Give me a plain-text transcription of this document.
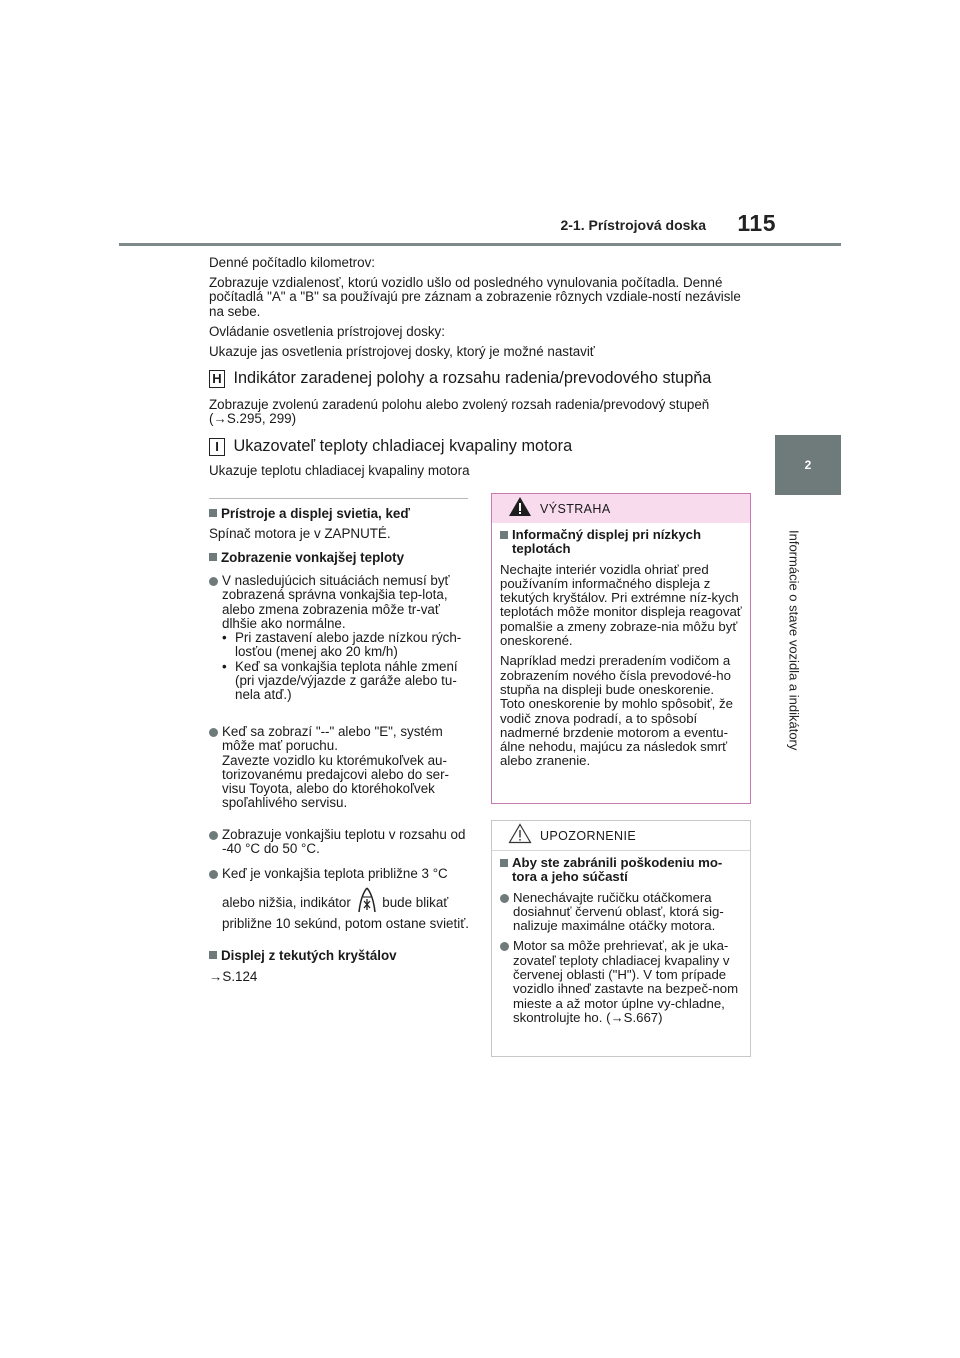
2-1. Prístrojová doska	115
2
Informácie o stave vozidla a indikátory
Denné počítadlo kilometrov:
Zobrazuje vzdialenosť, ktorú vozidlo ušlo od posledného vynulovania počítadla. Denné počítadlá "A" a "B" sa používajú pre záznam a zobrazenie rôznych vzdiale-ností nezávisle na sebe.
Ovládanie osvetlenia prístrojovej dosky:
Ukazuje jas osvetlenia prístrojovej dosky, ktorý je možné nastaviť
H Indikátor zaradenej polohy a rozsahu radenia/prevodového stupňa
Zobrazuje zvolenú zaradenú polohu alebo zvolený rozsah radenia/prevodový stupeň (→S.295, 299)
I Ukazovateľ teploty chladiacej kvapaliny motora
Ukazuje teplotu chladiacej kvapaliny motora
Prístroje a displej svietia, keď
Spínač motora je v ZAPNUTÉ.
Zobrazenie vonkajšej teploty
V nasledujúcich situáciách nemusí byť zobrazená správna vonkajšia tep-lota, alebo zmena zobrazenia môže tr-vať dlhšie ako normálne.
• Pri zastavení alebo jazde nízkou rých-losťou (menej ako 20 km/h)
• Keď sa vonkajšia teplota náhle zmení (pri vjazde/výjazde z garáže alebo tu-nela atď.)
Keď sa zobrazí "--" alebo "E", systém môže mať poruchu.
Zavezte vozidlo ku ktorémukoľvek au-torizovanému predajcovi alebo do ser-visu Toyota, alebo do ktoréhokoľvek spoľahlivého servisu.
Zobrazuje vonkajšiu teplotu v rozsahu od -40 °C do 50 °C.
Keď je vonkajšia teplota približne 3 °C
alebo nižšia, indikátor bude blikať
približne 10 sekúnd, potom ostane svietiť.
Displej z tekutých kryštálov
→S.124
VÝSTRAHA
Informačný displej pri nízkych teplotách
Nechajte interiér vozidla ohriať pred používaním informačného displeja z tekutých kryštálov. Pri extrémne níz-kych teplotách môže monitor displeja reagovať pomalšie a zmeny zobraze-nia môžu byť oneskorené.
Napríklad medzi preradením vodičom a zobrazením nového čísla prevodové-ho stupňa na displeji bude oneskorenie. Toto oneskorenie by mohlo spôsobiť, že vodič znova podradí, a to spôsobí nadmerné brzdenie motorom a eventu-álne nehodu, majúcu za následok smrť alebo zranenie.
UPOZORNENIE
Aby ste zabránili poškodeniu mo-tora a jeho súčastí
Nenechávajte ručičku otáčkomera dosiahnuť červenú oblasť, ktorá sig-nalizuje maximálne otáčky motora.
Motor sa môže prehrievať, ak je uka-zovateľ teploty chladiacej kvapaliny v červenej oblasti ("H"). V tom prípade vozidlo ihneď zastavte na bezpeč-nom mieste a až motor úplne vy-chladne, skontrolujte ho. (→S.667)
